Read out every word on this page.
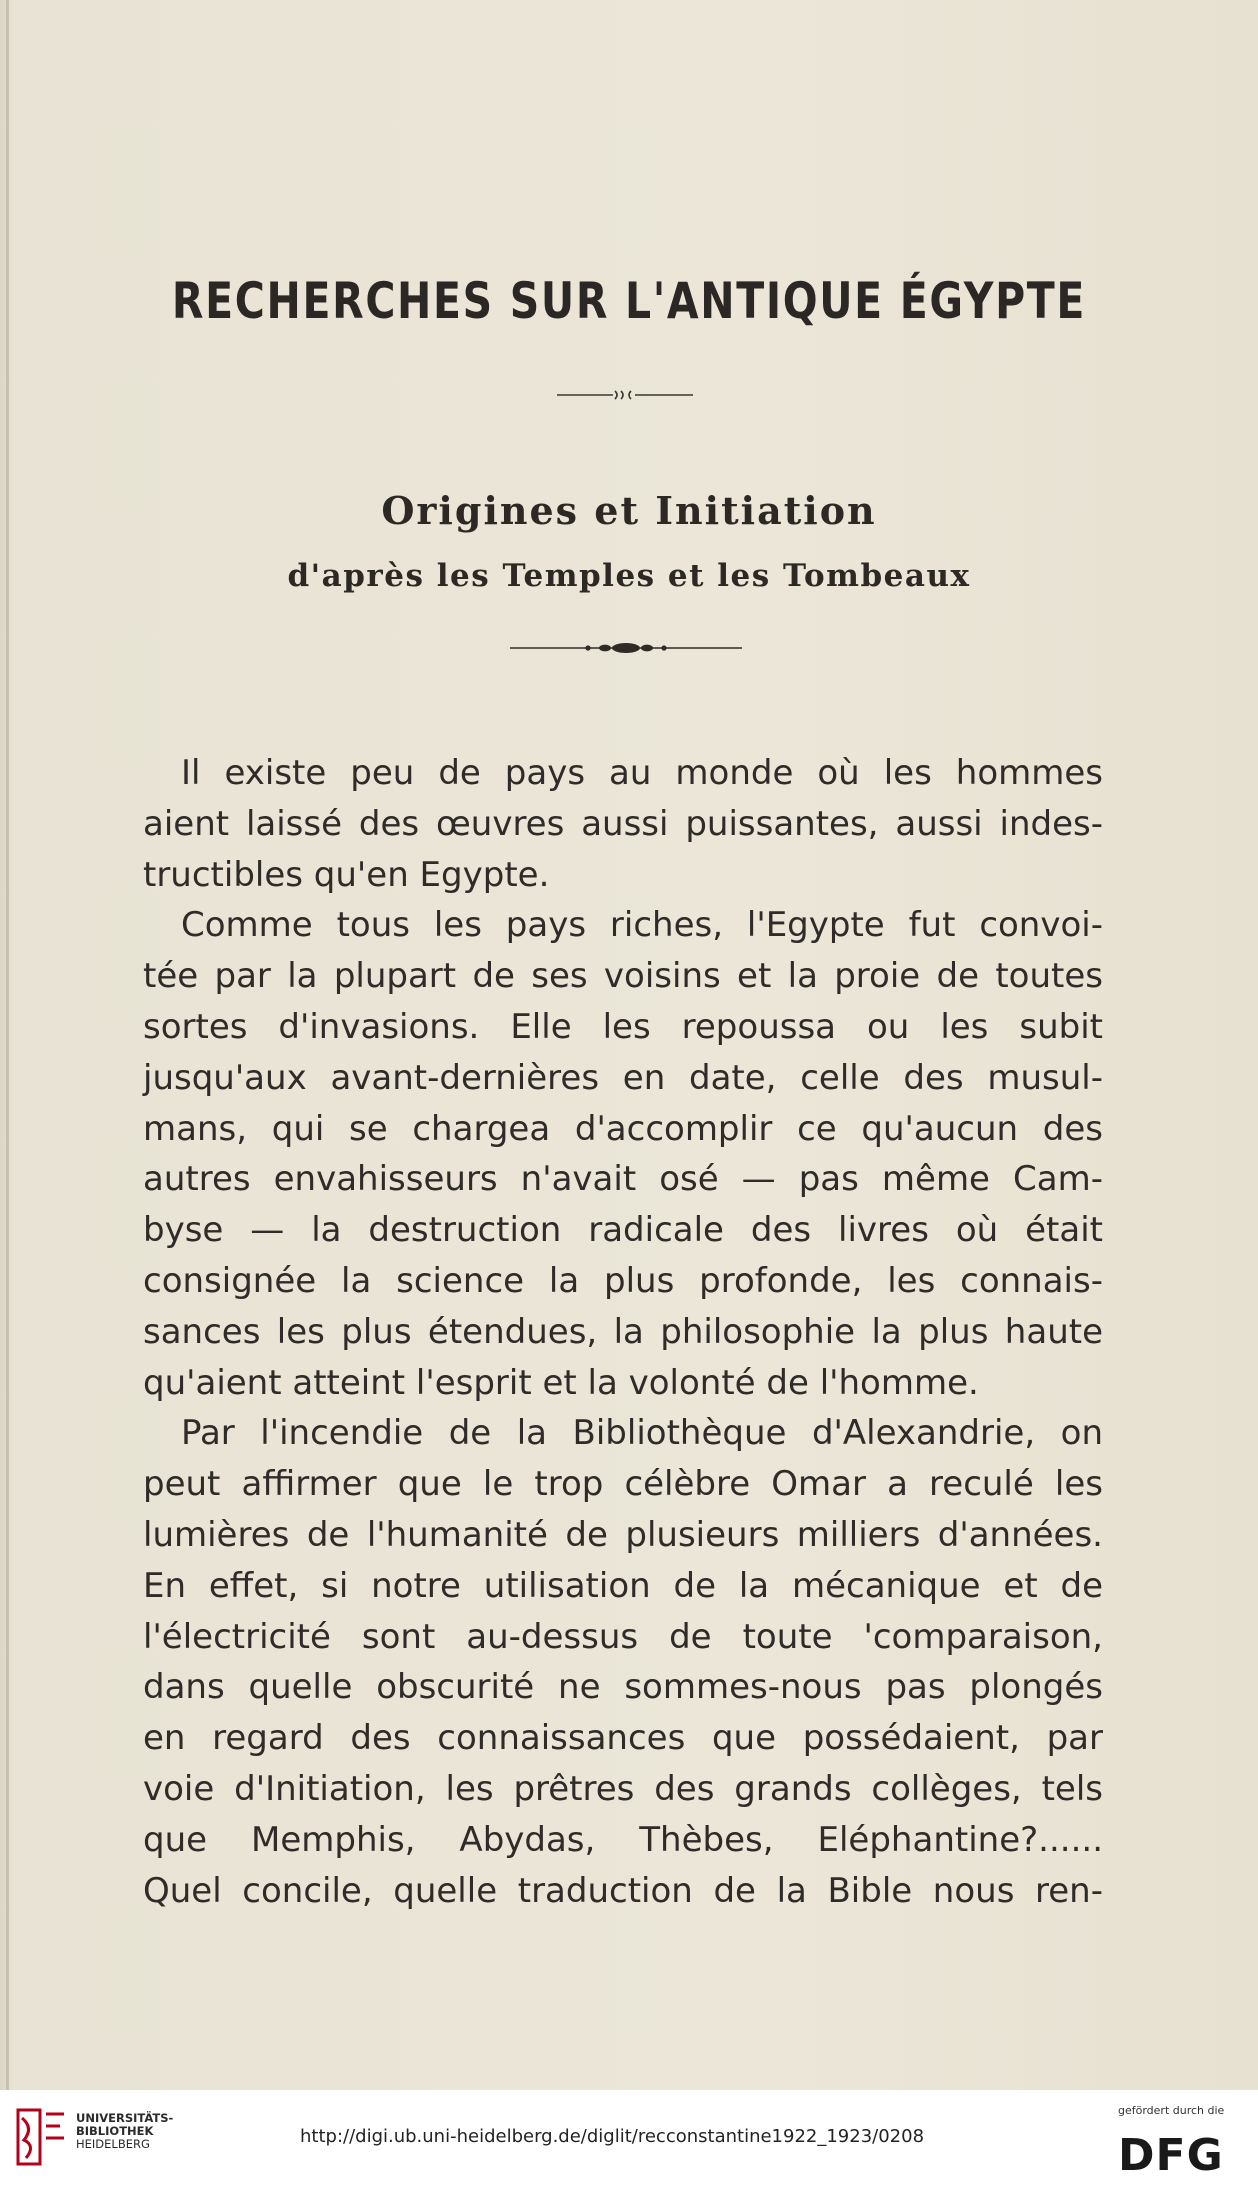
RECHERCHES SUR L'ANTIQUE ÉGYPTE
Origines et Initiation
d'après les Temples et les Tombeaux
Il existe peu de pays au monde où les hommes
aient laissé des œuvres aussi puissantes, aussi indes-
tructibles qu'en Egypte.
Comme tous les pays riches, l'Egypte fut convoi-
tée par la plupart de ses voisins et la proie de toutes
sortes d'invasions. Elle les repoussa ou les subit
jusqu'aux avant-dernières en date, celle des musul-
mans, qui se chargea d'accomplir ce qu'aucun des
autres envahisseurs n'avait osé — pas même Cam-
byse — la destruction radicale des livres où était
consignée la science la plus profonde, les connais-
sances les plus étendues, la philosophie la plus haute
qu'aient atteint l'esprit et la volonté de l'homme.
Par l'incendie de la Bibliothèque d'Alexandrie, on
peut affirmer que le trop célèbre Omar a reculé les
lumières de l'humanité de plusieurs milliers d'années.
En effet, si notre utilisation de la mécanique et de
l'électricité sont au-dessus de toute 'comparaison,
dans quelle obscurité ne sommes-nous pas plongés
en regard des connaissances que possédaient, par
voie d'Initiation, les prêtres des grands collèges, tels
que Memphis, Abydas, Thèbes, Eléphantine?......
Quel concile, quelle traduction de la Bible nous ren-
UNIVERSITÄTS-
BIBLIOTHEK
HEIDELBERG	http://digi.ub.uni-heidelberg.de/diglit/recconstantine1922_1923/0208
gefördert durch die
DFG
